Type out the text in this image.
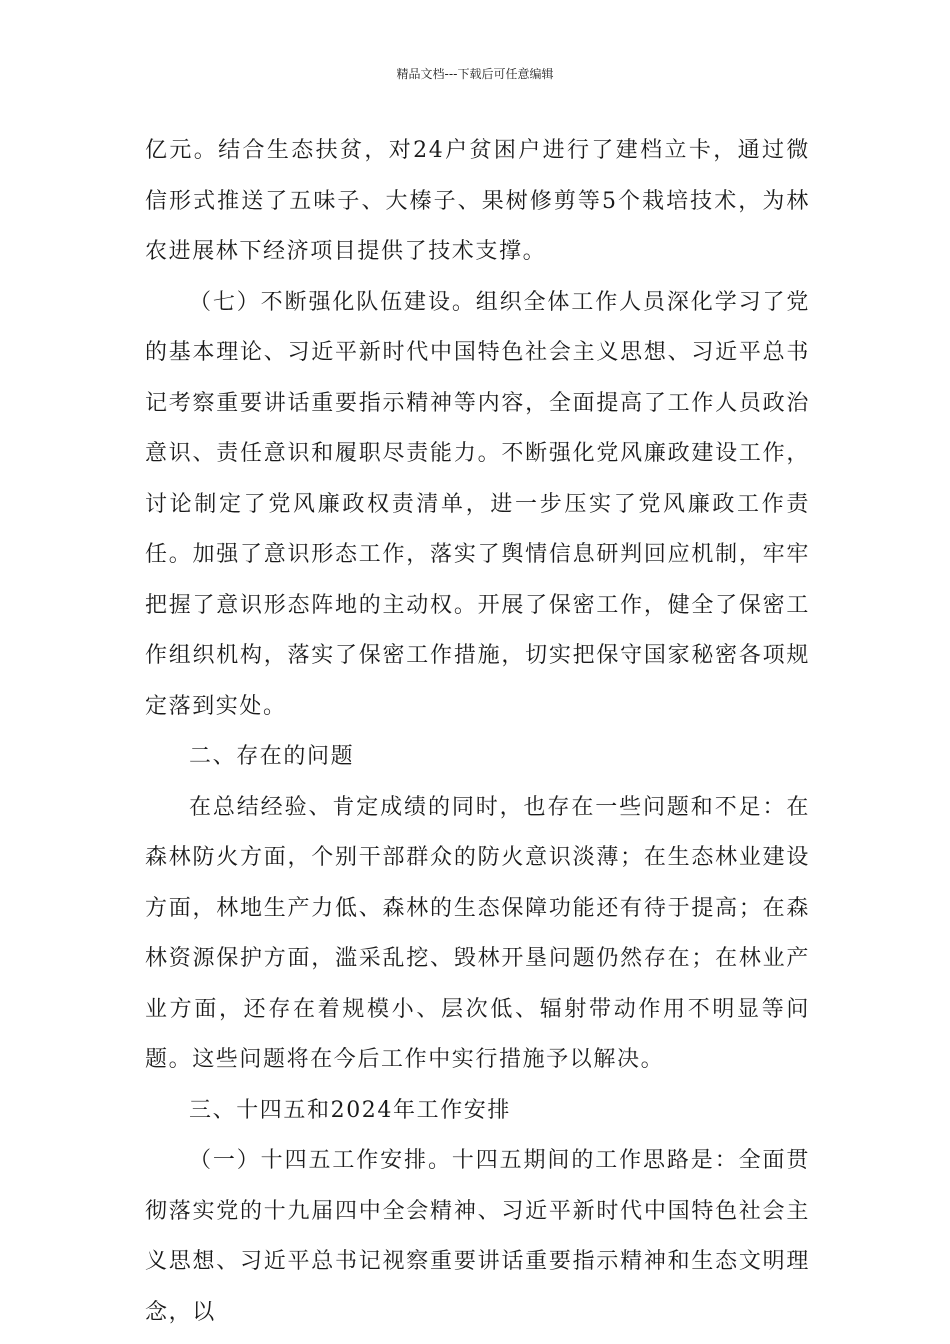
精品文档---下载后可任意编辑

亿元。结合生态扶贫，对24户贫困户进行了建档立卡，通过微信形式推送了五味子、大榛子、果树修剪等5个栽培技术，为林农进展林下经济项目提供了技术支撑。

（七）不断强化队伍建设。组织全体工作人员深化学习了党的基本理论、习近平新时代中国特色社会主义思想、习近平总书记考察重要讲话重要指示精神等内容，全面提高了工作人员政治意识、责任意识和履职尽责能力。不断强化党风廉政建设工作，讨论制定了党风廉政权责清单，进一步压实了党风廉政工作责任。加强了意识形态工作，落实了舆情信息研判回应机制，牢牢把握了意识形态阵地的主动权。开展了保密工作，健全了保密工作组织机构，落实了保密工作措施，切实把保守国家秘密各项规定落到实处。

二、存在的问题

在总结经验、肯定成绩的同时，也存在一些问题和不足：在森林防火方面，个别干部群众的防火意识淡薄；在生态林业建设方面，林地生产力低、森林的生态保障功能还有待于提高；在森林资源保护方面，滥采乱挖、毁林开垦问题仍然存在；在林业产业方面，还存在着规模小、层次低、辐射带动作用不明显等问题。这些问题将在今后工作中实行措施予以解决。

三、十四五和2024年工作安排

（一）十四五工作安排。十四五期间的工作思路是：全面贯彻落实党的十九届四中全会精神、习近平新时代中国特色社会主义思想、习近平总书记视察重要讲话重要指示精神和生态文明理念，以
